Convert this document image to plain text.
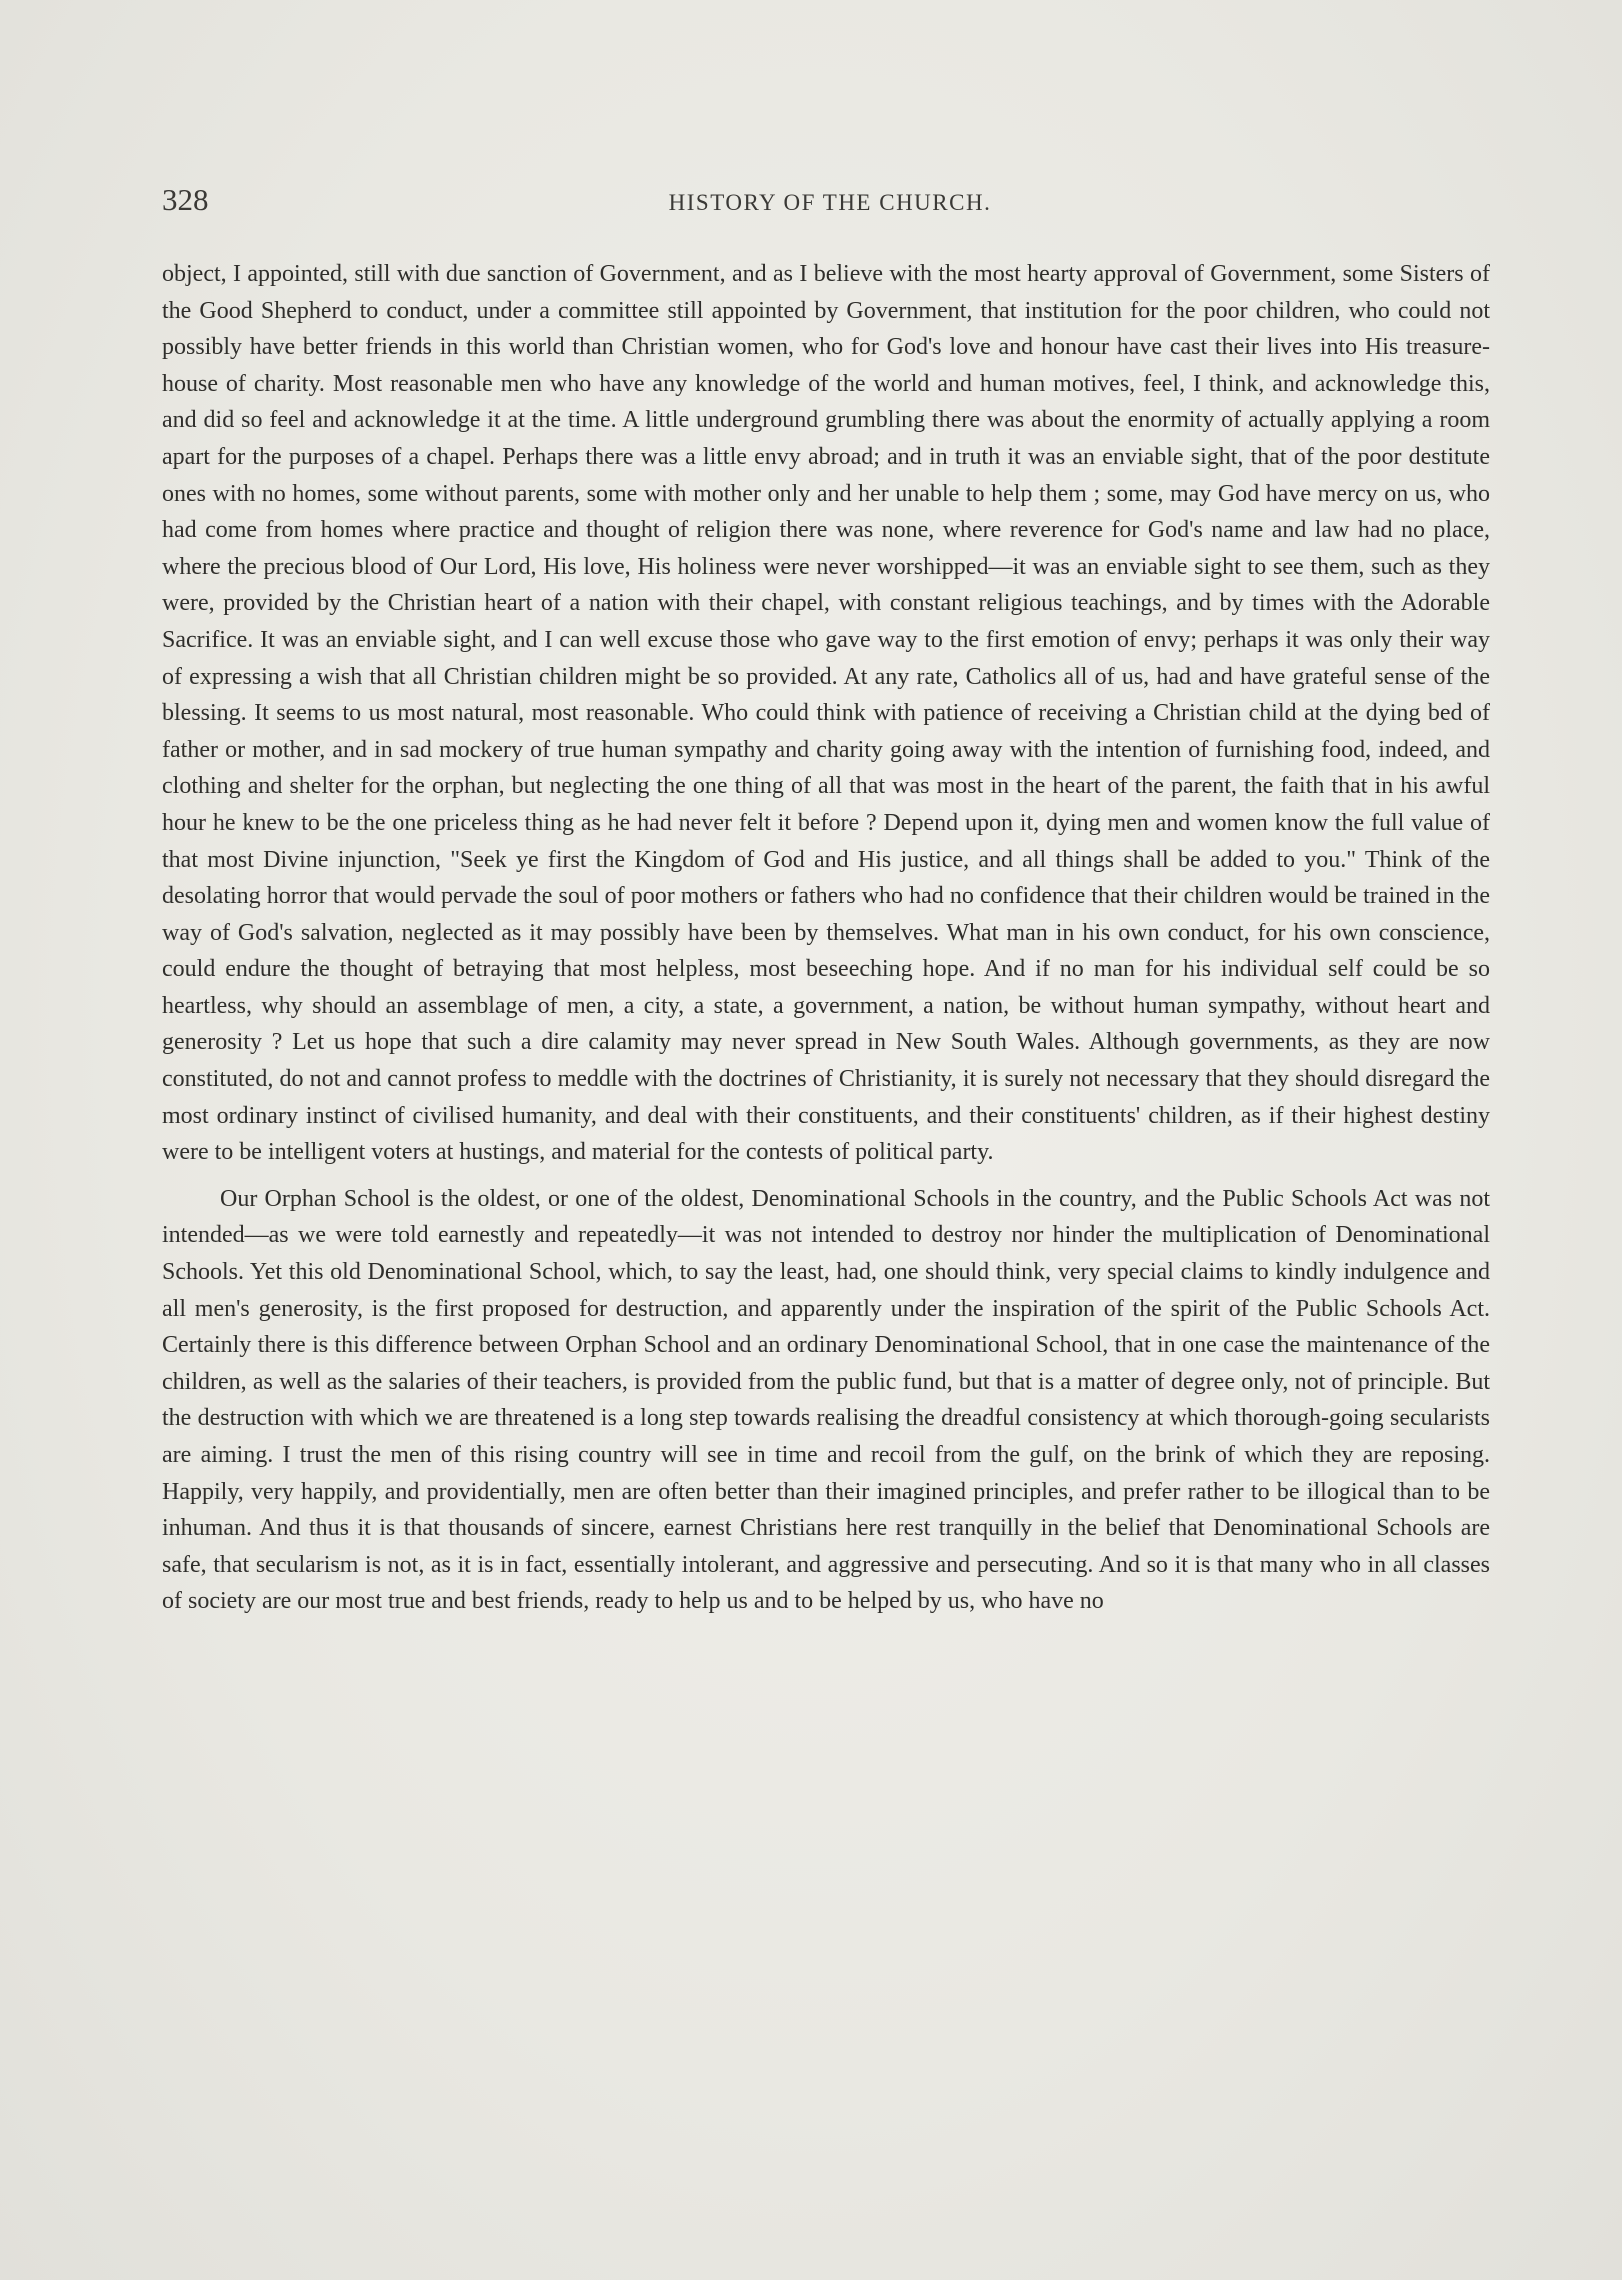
328	HISTORY OF THE CHURCH.

object, I appointed, still with due sanction of Government, and as I believe with the most hearty approval of Government, some Sisters of the Good Shepherd to conduct, under a committee still appointed by Government, that institution for the poor children, who could not possibly have better friends in this world than Christian women, who for God's love and honour have cast their lives into His treasure-house of charity. Most reasonable men who have any knowledge of the world and human motives, feel, I think, and acknowledge this, and did so feel and acknowledge it at the time. A little underground grumbling there was about the enormity of actually applying a room apart for the purposes of a chapel. Perhaps there was a little envy abroad; and in truth it was an enviable sight, that of the poor destitute ones with no homes, some without parents, some with mother only and her unable to help them ; some, may God have mercy on us, who had come from homes where practice and thought of religion there was none, where reverence for God's name and law had no place, where the precious blood of Our Lord, His love, His holiness were never worshipped—it was an enviable sight to see them, such as they were, provided by the Christian heart of a nation with their chapel, with constant religious teachings, and by times with the Adorable Sacrifice. It was an enviable sight, and I can well excuse those who gave way to the first emotion of envy; perhaps it was only their way of expressing a wish that all Christian children might be so provided. At any rate, Catholics all of us, had and have grateful sense of the blessing. It seems to us most natural, most reasonable. Who could think with patience of receiving a Christian child at the dying bed of father or mother, and in sad mockery of true human sympathy and charity going away with the intention of furnishing food, indeed, and clothing and shelter for the orphan, but neglecting the one thing of all that was most in the heart of the parent, the faith that in his awful hour he knew to be the one priceless thing as he had never felt it before ? Depend upon it, dying men and women know the full value of that most Divine injunction, "Seek ye first the Kingdom of God and His justice, and all things shall be added to you." Think of the desolating horror that would pervade the soul of poor mothers or fathers who had no confidence that their children would be trained in the way of God's salvation, neglected as it may possibly have been by themselves. What man in his own conduct, for his own conscience, could endure the thought of betraying that most helpless, most beseeching hope. And if no man for his individual self could be so heartless, why should an assemblage of men, a city, a state, a government, a nation, be without human sympathy, without heart and generosity ? Let us hope that such a dire calamity may never spread in New South Wales. Although governments, as they are now constituted, do not and cannot profess to meddle with the doctrines of Christianity, it is surely not necessary that they should disregard the most ordinary instinct of civilised humanity, and deal with their constituents, and their constituents' children, as if their highest destiny were to be intelligent voters at hustings, and material for the contests of political party.

Our Orphan School is the oldest, or one of the oldest, Denominational Schools in the country, and the Public Schools Act was not intended—as we were told earnestly and repeatedly—it was not intended to destroy nor hinder the multiplication of Denominational Schools. Yet this old Denominational School, which, to say the least, had, one should think, very special claims to kindly indulgence and all men's generosity, is the first proposed for destruction, and apparently under the inspiration of the spirit of the Public Schools Act. Certainly there is this difference between Orphan School and an ordinary Denominational School, that in one case the maintenance of the children, as well as the salaries of their teachers, is provided from the public fund, but that is a matter of degree only, not of principle. But the destruction with which we are threatened is a long step towards realising the dreadful consistency at which thorough-going secularists are aiming. I trust the men of this rising country will see in time and recoil from the gulf, on the brink of which they are reposing. Happily, very happily, and providentially, men are often better than their imagined principles, and prefer rather to be illogical than to be inhuman. And thus it is that thousands of sincere, earnest Christians here rest tranquilly in the belief that Denominational Schools are safe, that secularism is not, as it is in fact, essentially intolerant, and aggressive and persecuting. And so it is that many who in all classes of society are our most true and best friends, ready to help us and to be helped by us, who have no
